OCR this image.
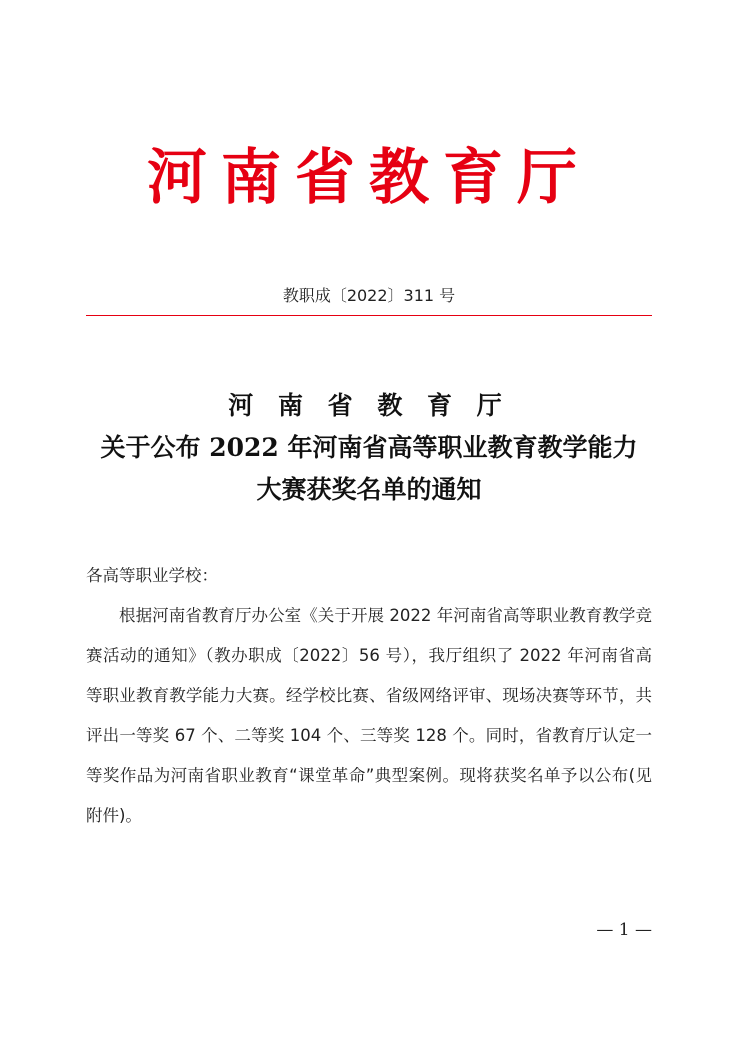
河南省教育厅
教职成〔2022〕311 号
河 南 省 教 育 厅
关于公布 2022 年河南省高等职业教育教学能力
大赛获奖名单的通知
各高等职业学校：
根据河南省教育厅办公室《关于开展 2022 年河南省高等职业教育教学竞赛活动的通知》（教办职成〔2022〕56 号），我厅组织了 2022 年河南省高等职业教育教学能力大赛。经学校比赛、省级网络评审、现场决赛等环节，共评出一等奖 67 个、二等奖 104 个、三等奖 128 个。同时，省教育厅认定一等奖作品为河南省职业教育“课堂革命”典型案例。现将获奖名单予以公布(见附件)。
— 1 —
